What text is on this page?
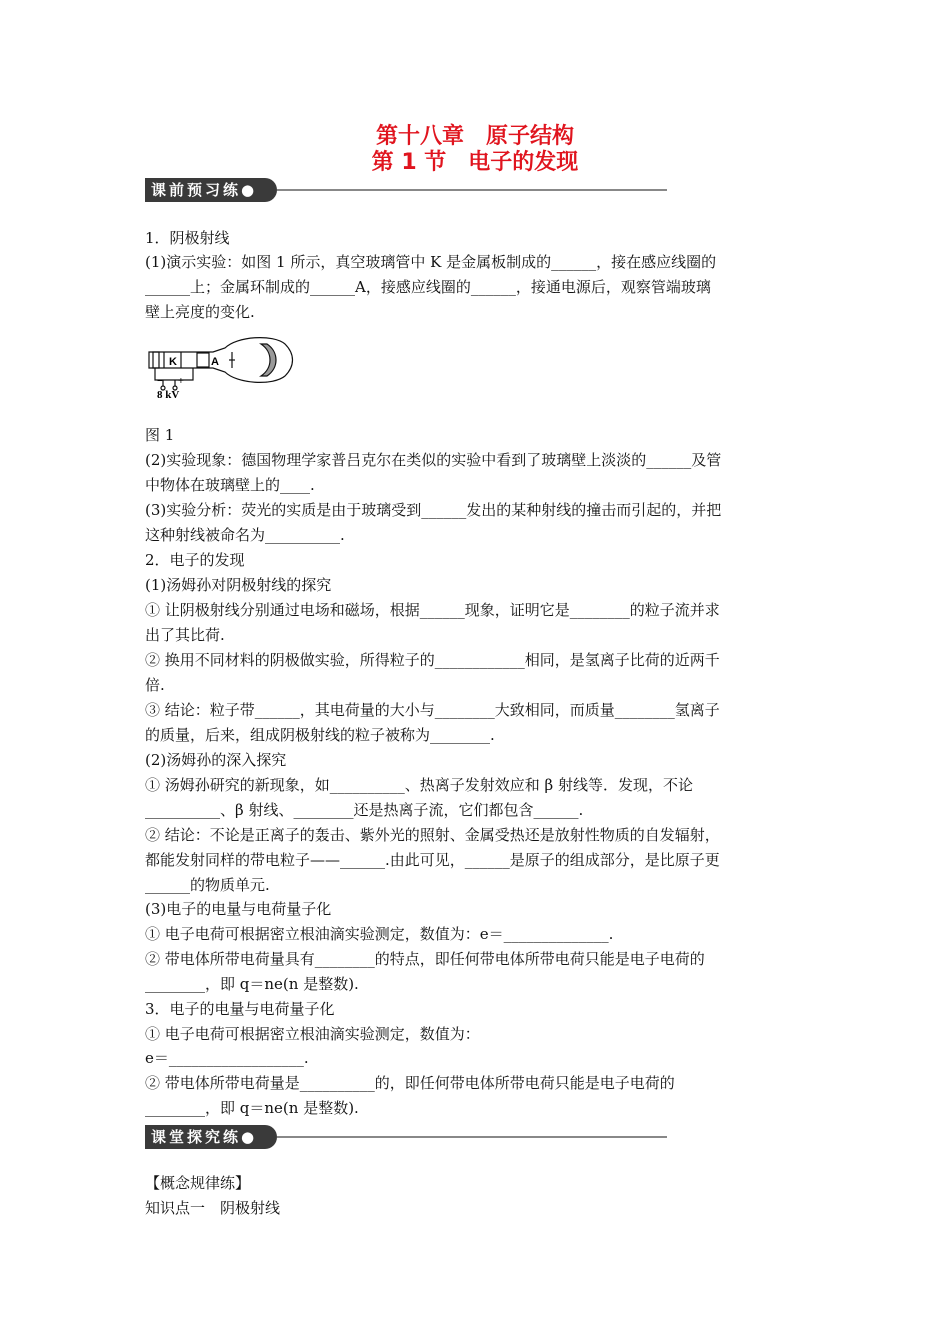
第十八章　原子结构
第 1 节　电子的发现
课前预习练●
1．阴极射线
(1)演示实验：如图 1 所示，真空玻璃管中 K 是金属板制成的______，接在感应线圈的
______上；金属环制成的______A，接感应线圈的______，接通电源后，观察管端玻璃
壁上亮度的变化.
K	A
− +
8 kV
图 1
(2)实验现象：德国物理学家普吕克尔在类似的实验中看到了玻璃壁上淡淡的______及管
中物体在玻璃壁上的____.
(3)实验分析：荧光的实质是由于玻璃受到______发出的某种射线的撞击而引起的，并把
这种射线被命名为__________.
2．电子的发现
(1)汤姆孙对阴极射线的探究
① 让阴极射线分别通过电场和磁场，根据______现象，证明它是________的粒子流并求
出了其比荷.
② 换用不同材料的阴极做实验，所得粒子的____________相同，是氢离子比荷的近两千
倍.
③ 结论：粒子带______，其电荷量的大小与________大致相同，而质量________氢离子
的质量，后来，组成阴极射线的粒子被称为________.
(2)汤姆孙的深入探究
① 汤姆孙研究的新现象，如__________、热离子发射效应和 β 射线等．发现，不论
__________、β 射线、________还是热离子流，它们都包含______.
② 结论：不论是正离子的轰击、紫外光的照射、金属受热还是放射性物质的自发辐射，
都能发射同样的带电粒子——______.由此可见，______是原子的组成部分，是比原子更
______的物质单元.
(3)电子的电量与电荷量子化
① 电子电荷可根据密立根油滴实验测定，数值为：e＝______________.
② 带电体所带电荷量具有________的特点，即任何带电体所带电荷只能是电子电荷的
________，即 q＝ne(n 是整数).
3．电子的电量与电荷量子化
① 电子电荷可根据密立根油滴实验测定，数值为：
e＝__________________.
② 带电体所带电荷量是__________的，即任何带电体所带电荷只能是电子电荷的
________，即 q＝ne(n 是整数).
课堂探究练●
【概念规律练】
知识点一　阴极射线
